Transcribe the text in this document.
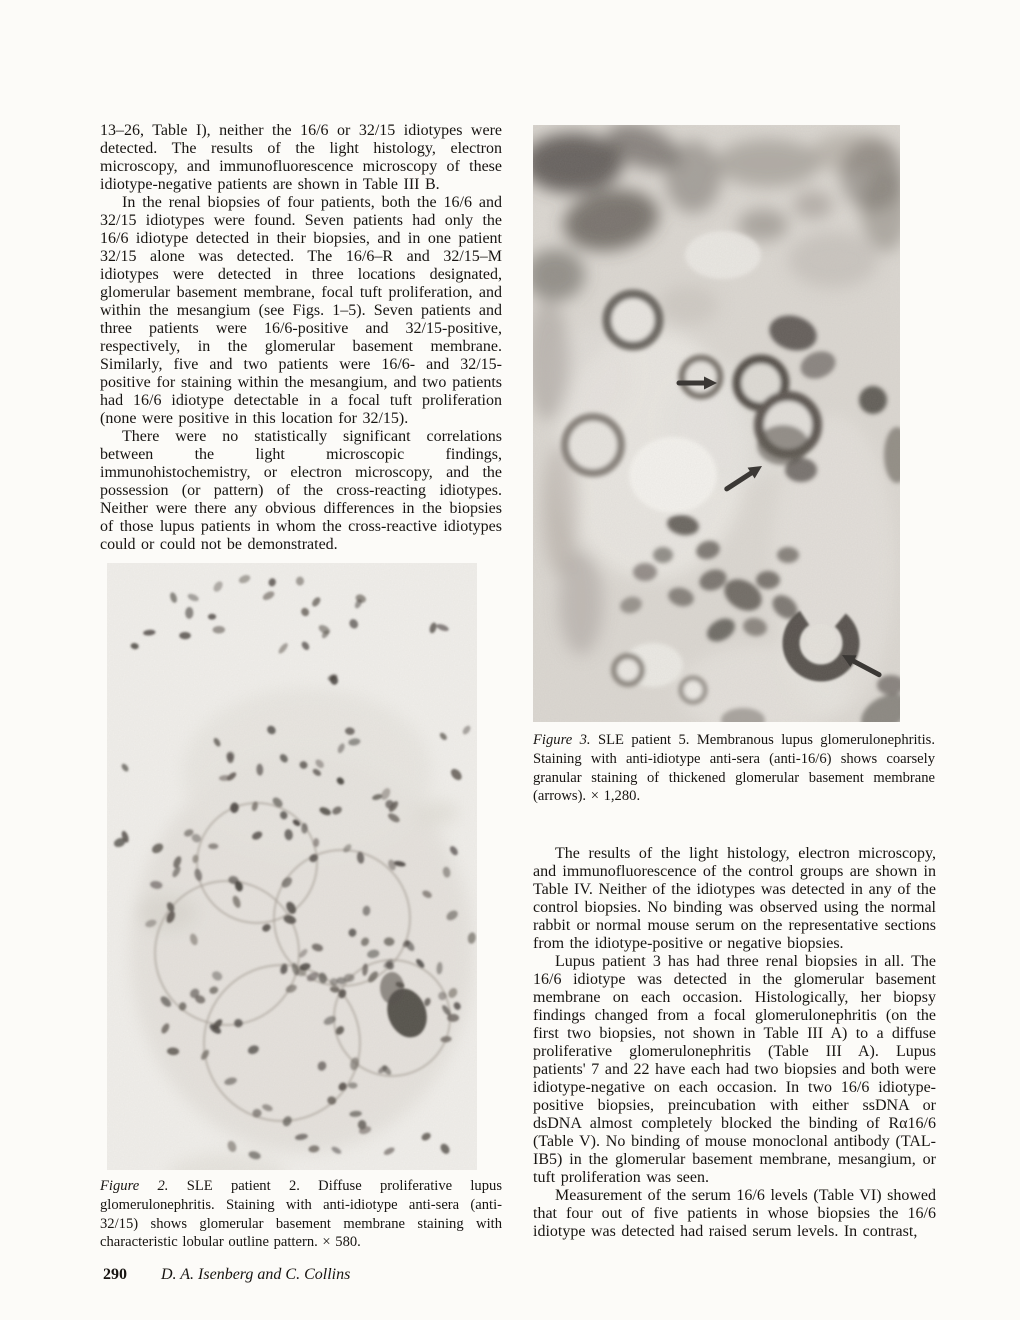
13–26, Table I), neither the 16/6 or 32/15 idiotypes were detected. The results of the light histology, electron microscopy, and immunofluorescence microscopy of these idiotype-negative patients are shown in Table III B.

In the renal biopsies of four patients, both the 16/6 and 32/15 idiotypes were found. Seven patients had only the 16/6 idiotype detected in their biopsies, and in one patient 32/15 alone was detected. The 16/6–R and 32/15–M idiotypes were detected in three locations designated, glomerular basement membrane, focal tuft proliferation, and within the mesangium (see Figs. 1–5). Seven patients and three patients were 16/6-positive and 32/15-positive, respectively, in the glomerular basement membrane. Similarly, five and two patients were 16/6- and 32/15-positive for staining within the mesangium, and two patients had 16/6 idiotype detectable in a focal tuft proliferation (none were positive in this location for 32/15).

There were no statistically significant correlations between the light microscopic findings, immunohistochemistry, or electron microscopy, and the possession (or pattern) of the cross-reacting idiotypes. Neither were there any obvious differences in the biopsies of those lupus patients in whom the cross-reactive idiotypes could or could not be demonstrated.

Figure 3. SLE patient 5. Membranous lupus glomerulonephritis. Staining with anti-idiotype anti-sera (anti-16/6) shows coarsely granular staining of thickened glomerular basement membrane (arrows). × 1,280.

The results of the light histology, electron microscopy, and immunofluorescence of the control groups are shown in Table IV. Neither of the idiotypes was detected in any of the control biopsies. No binding was observed using the normal rabbit or normal mouse serum on the representative sections from the idiotype-positive or negative biopsies.

Lupus patient 3 has had three renal biopsies in all. The 16/6 idiotype was detected in the glomerular basement membrane on each occasion. Histologically, her biopsy findings changed from a focal glomerulonephritis (on the first two biopsies, not shown in Table III A) to a diffuse proliferative glomerulonephritis (Table III A). Lupus patients' 7 and 22 have each had two biopsies and both were idiotype-negative on each occasion. In two 16/6 idiotype-positive biopsies, preincubation with either ssDNA or dsDNA almost completely blocked the binding of Rα16/6 (Table V). No binding of mouse monoclonal antibody (TAL-IB5) in the glomerular basement membrane, mesangium, or tuft proliferation was seen.

Measurement of the serum 16/6 levels (Table VI) showed that four out of five patients in whose biopsies the 16/6 idiotype was detected had raised serum levels. In contrast,

Figure 2. SLE patient 2. Diffuse proliferative lupus glomerulonephritis. Staining with anti-idiotype anti-sera (anti-32/15) shows glomerular basement membrane staining with characteristic lobular outline pattern. × 580.

290 D. A. Isenberg and C. Collins
